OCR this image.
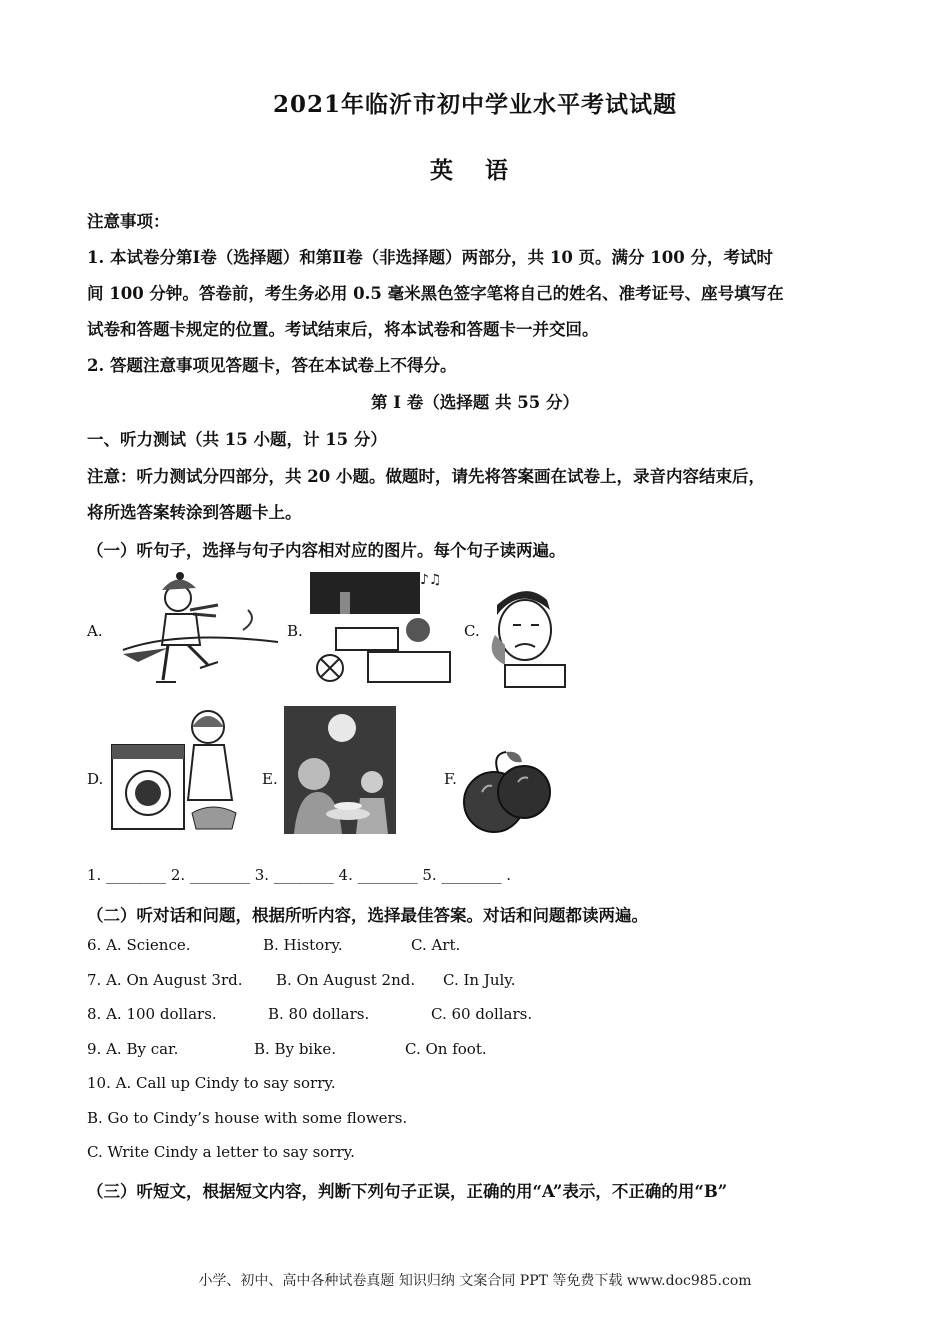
2021年临沂市初中学业水平考试试题
英 语
注意事项：
1. 本试卷分第Ⅰ卷（选择题）和第Ⅱ卷（非选择题）两部分，共 10 页。满分 100 分，考试时
间 100 分钟。答卷前，考生务必用 0.5 毫米黑色签字笔将自己的姓名、准考证号、座号填写在
试卷和答题卡规定的位置。考试结束后，将本试卷和答题卡一并交回。
2. 答题注意事项见答题卡，答在本试卷上不得分。
第 I 卷（选择题 共 55 分）
一、听力测试（共 15 小题，计 15 分）
注意：听力测试分四部分，共 20 小题。做题时，请先将答案画在试卷上，录音内容结束后，
将所选答案转涂到答题卡上。
（一）听句子，选择与句子内容相对应的图片。每个句子读两遍。
A.	B.
♪♫
C.
D.	E.	F.
1. ________ 2. ________ 3. ________ 4. ________ 5. ________ .
（二）听对话和问题，根据所听内容，选择最佳答案。对话和问题都读两遍。
6. A. Science.	B. History.	C. Art.
7. A. On August 3rd. B. On August 2nd. C. In July.
8. A. 100 dollars.	B. 80 dollars.	C. 60 dollars.
9. A. By car.	B. By bike.	C. On foot.
10. A. Call up Cindy to say sorry.
B. Go to Cindy’s house with some flowers.
C. Write Cindy a letter to say sorry.
（三）听短文，根据短文内容，判断下列句子正误，正确的用“A”表示，不正确的用“B”
小学、初中、高中各种试卷真题 知识归纳 文案合同 PPT 等免费下载 www.doc985.com
